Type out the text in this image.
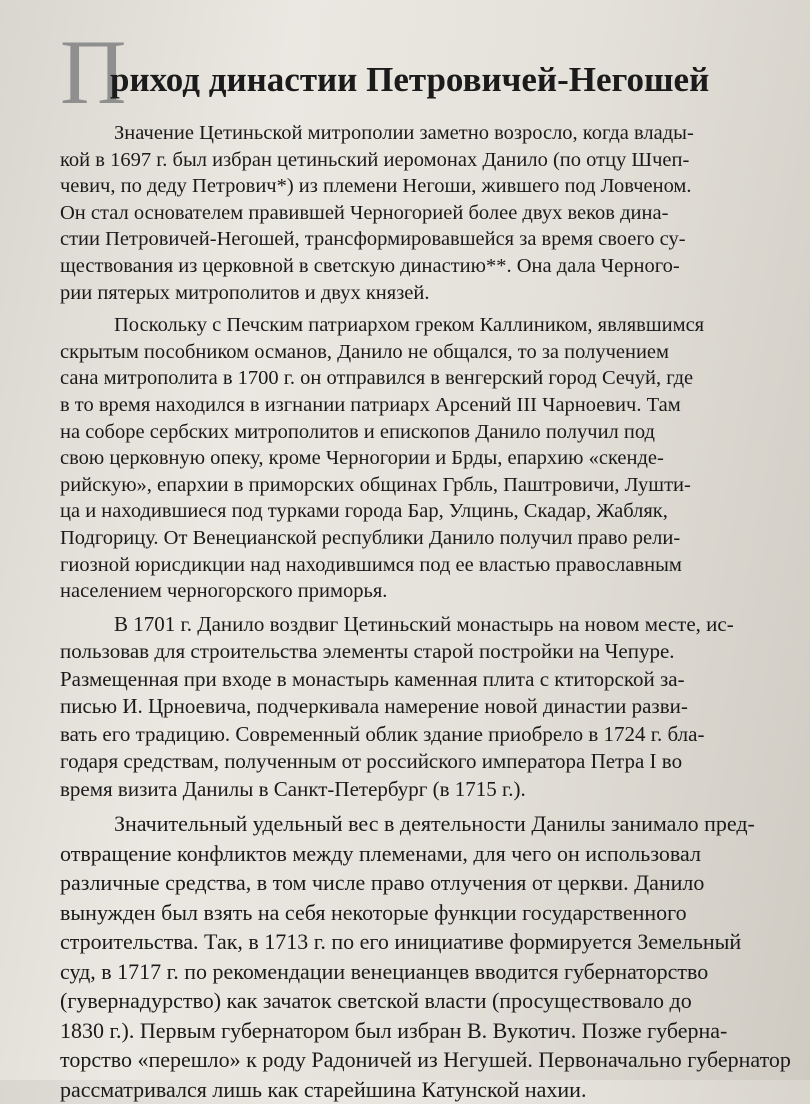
П
риход династии Петровичей-Негошей
Значение Цетиньской митрополии заметно возросло, когда влады-
кой в 1697 г. был избран цетиньский иеромонах Данило (по отцу Шчеп-
чевич, по деду Петрович*) из племени Негоши, жившего под Ловченом.
Он стал основателем правившей Черногорией более двух веков дина-
стии Петровичей-Негошей, трансформировавшейся за время своего су-
ществования из церковной в светскую династию**. Она дала Черного-
рии пятерых митрополитов и двух князей.
Поскольку с Печским патриархом греком Каллиником, являвшимся
скрытым пособником османов, Данило не общался, то за получением
сана митрополита в 1700 г. он отправился в венгерский город Сечуй, где
в то время находился в изгнании патриарх Арсений III Чарноевич. Там
на соборе сербских митрополитов и епископов Данило получил под
свою церковную опеку, кроме Черногории и Брды, епархию «скенде-
рийскую», епархии в приморских общинах Грбль, Паштровичи, Лушти-
ца и находившиеся под турками города Бар, Улцинь, Скадар, Жабляк,
Подгорицу. От Венецианской республики Данило получил право рели-
гиозной юрисдикции над находившимся под ее властью православным
населением черногорского приморья.
В 1701 г. Данило воздвиг Цетиньский монастырь на новом месте, ис-
пользовав для строительства элементы старой постройки на Чепуре.
Размещенная при входе в монастырь каменная плита с ктиторской за-
писью И. Црноевича, подчеркивала намерение новой династии разви-
вать его традицию. Современный облик здание приобрело в 1724 г. бла-
годаря средствам, полученным от российского императора Петра I во
время визита Данилы в Санкт-Петербург (в 1715 г.).
Значительный удельный вес в деятельности Данилы занимало пред-
отвращение конфликтов между племенами, для чего он использовал
различные средства, в том числе право отлучения от церкви. Данило
вынужден был взять на себя некоторые функции государственного
строительства. Так, в 1713 г. по его инициативе формируется Земельный
суд, в 1717 г. по рекомендации венецианцев вводится губернаторство
(гувернадурство) как зачаток светской власти (просуществовало до
1830 г.). Первым губернатором был избран В. Вукотич. Позже губерна-
торство «перешло» к роду Радоничей из Негушей. Первоначально губернатор
рассматривался лишь как старейшина Катунской нахии.
